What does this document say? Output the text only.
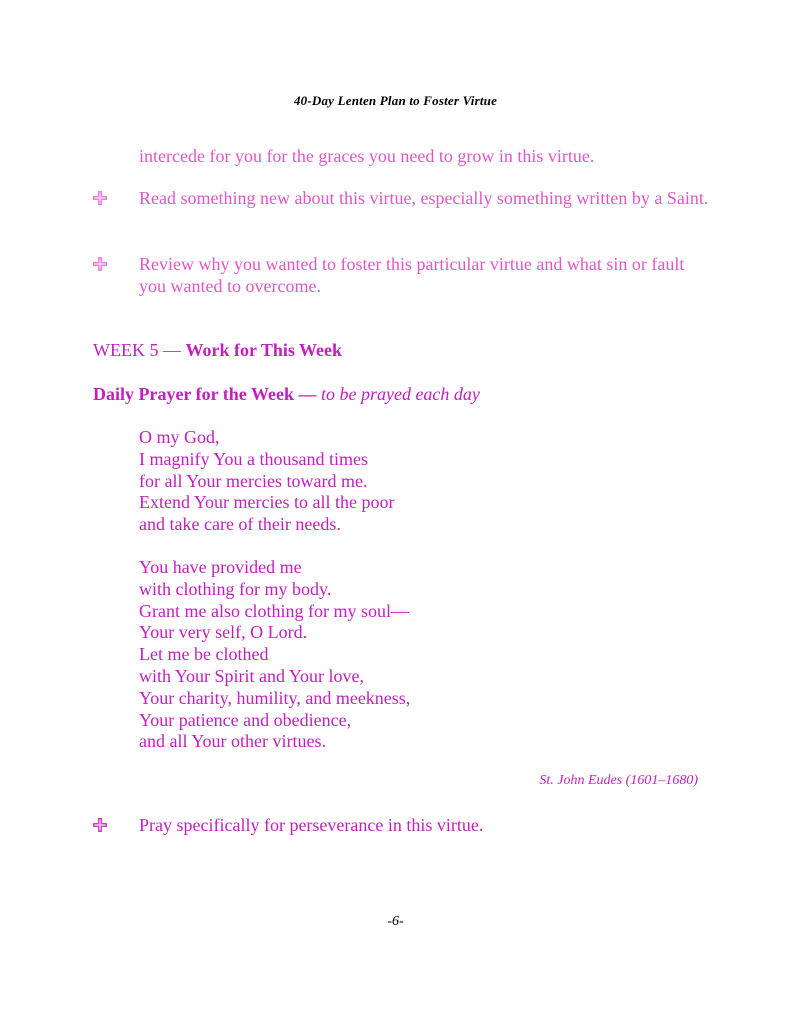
40-Day Lenten Plan to Foster Virtue
intercede for you for the graces you need to grow in this virtue.
Read something new about this virtue, especially something written by a Saint.
Review why you wanted to foster this particular virtue and what sin or fault you wanted to overcome.
WEEK 5 — Work for This Week
Daily Prayer for the Week — to be prayed each day
O my God,
I magnify You a thousand times
for all Your mercies toward me.
Extend Your mercies to all the poor
and take care of their needs.
You have provided me
with clothing for my body.
Grant me also clothing for my soul—
Your very self, O Lord.
Let me be clothed
with Your Spirit and Your love,
Your charity, humility, and meekness,
Your patience and obedience,
and all Your other virtues.
St. John Eudes (1601–1680)
Pray specifically for perseverance in this virtue.
-6-
